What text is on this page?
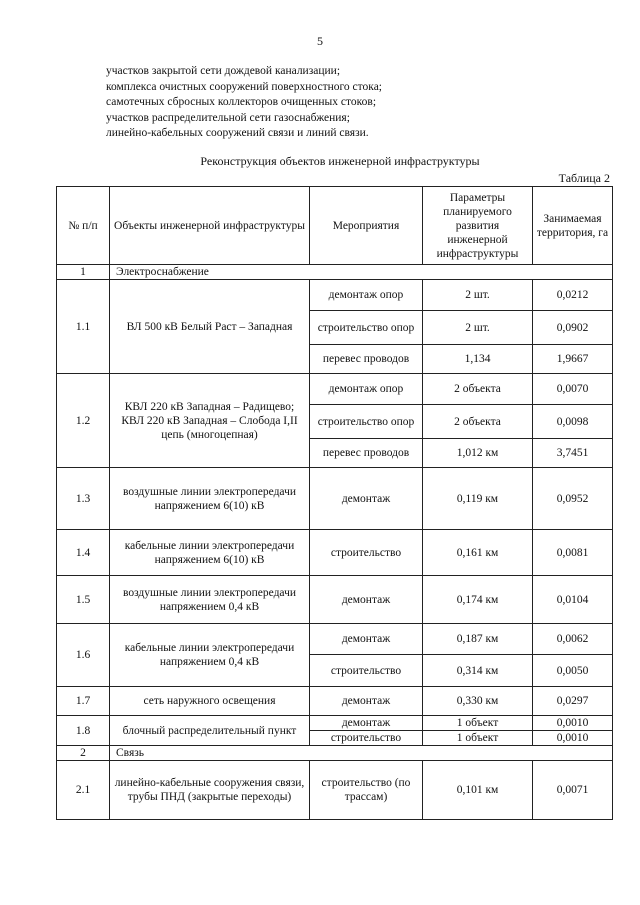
5
участков закрытой сети дождевой канализации;
комплекса очистных сооружений поверхностного стока;
самотечных сбросных коллекторов очищенных стоков;
участков распределительной сети газоснабжения;
линейно-кабельных сооружений связи и линий связи.
Реконструкция объектов инженерной инфраструктуры
Таблица 2
№ п/п	Объекты инженерной инфраструктуры	Мероприятия	Параметры планируемого развития инженерной инфраструктуры	Занимаемая территория, га
1	Электроснабжение			
1.1	ВЛ 500 кВ Белый Раст – Западная	демонтаж опор	2 шт.	0,0212
		строительство опор	2 шт.	0,0902
		перевес проводов	1,134	1,9667
1.2	КВЛ 220 кВ Западная – Радищево; КВЛ 220 кВ Западная – Слобода I,II цепь (многоцепная)	демонтаж опор	2 объекта	0,0070
		строительство опор	2 объекта	0,0098
		перевес проводов	1,012 км	3,7451
1.3	воздушные линии электропередачи напряжением 6(10) кВ	демонтаж	0,119 км	0,0952
1.4	кабельные линии электропередачи напряжением 6(10) кВ	строительство	0,161 км	0,0081
1.5	воздушные линии электропередачи напряжением 0,4 кВ	демонтаж	0,174 км	0,0104
1.6	кабельные линии электропередачи напряжением 0,4 кВ	демонтаж	0,187 км	0,0062
		строительство	0,314 км	0,0050
1.7	сеть наружного освещения	демонтаж	0,330 км	0,0297
1.8	блочный распределительный пункт	демонтаж	1 объект	0,0010
		строительство	1 объект	0,0010
2	Связь			
2.1	линейно-кабельные сооружения связи, трубы ПНД (закрытые переходы)	строительство (по трассам)	0,101 км	0,0071
